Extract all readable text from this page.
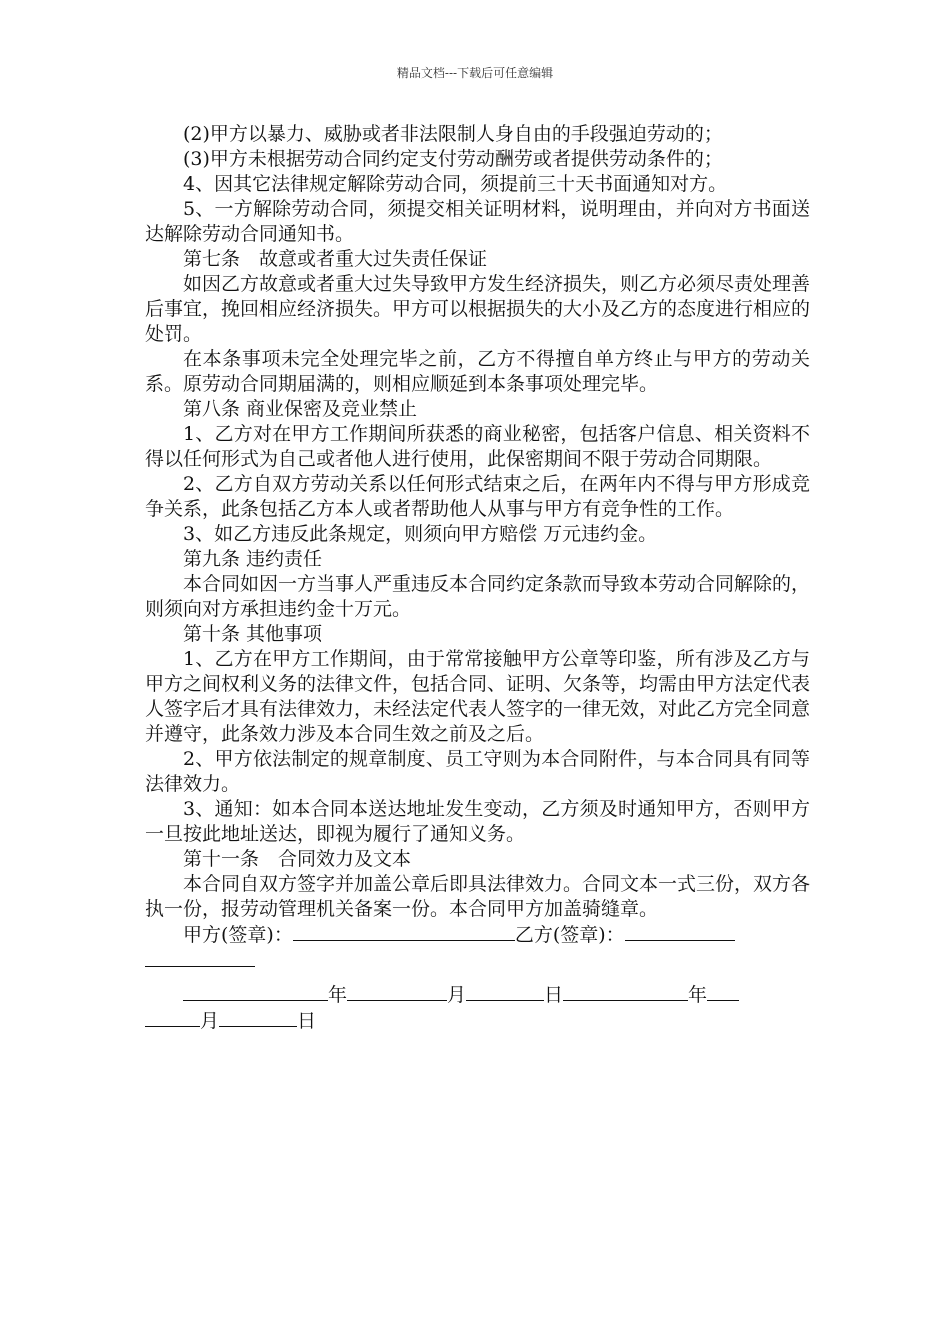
精品文档---下载后可任意编辑

(2)甲方以暴力、威胁或者非法限制人身自由的手段强迫劳动的；

(3)甲方未根据劳动合同约定支付劳动酬劳或者提供劳动条件的；

4、因其它法律规定解除劳动合同，须提前三十天书面通知对方。

5、一方解除劳动合同，须提交相关证明材料，说明理由，并向对方书面送达解除劳动合同通知书。

第七条　故意或者重大过失责任保证

如因乙方故意或者重大过失导致甲方发生经济损失，则乙方必须尽责处理善后事宜，挽回相应经济损失。甲方可以根据损失的大小及乙方的态度进行相应的处罚。

在本条事项未完全处理完毕之前，乙方不得擅自单方终止与甲方的劳动关系。原劳动合同期届满的，则相应顺延到本条事项处理完毕。

第八条 商业保密及竞业禁止

1、乙方对在甲方工作期间所获悉的商业秘密，包括客户信息、相关资料不得以任何形式为自己或者他人进行使用，此保密期间不限于劳动合同期限。

2、乙方自双方劳动关系以任何形式结束之后，在两年内不得与甲方形成竞争关系，此条包括乙方本人或者帮助他人从事与甲方有竞争性的工作。

3、如乙方违反此条规定，则须向甲方赔偿 万元违约金。

第九条 违约责任

本合同如因一方当事人严重违反本合同约定条款而导致本劳动合同解除的，则须向对方承担违约金十万元。

第十条 其他事项

1、乙方在甲方工作期间，由于常常接触甲方公章等印鉴，所有涉及乙方与甲方之间权利义务的法律文件，包括合同、证明、欠条等，均需由甲方法定代表人签字后才具有法律效力，未经法定代表人签字的一律无效，对此乙方完全同意并遵守，此条效力涉及本合同生效之前及之后。

2、甲方依法制定的规章制度、员工守则为本合同附件，与本合同具有同等法律效力。

3、通知：如本合同本送达地址发生变动，乙方须及时通知甲方，否则甲方一旦按此地址送达，即视为履行了通知义务。

第十一条　合同效力及文本

本合同自双方签字并加盖公章后即具法律效力。合同文本一式三份，双方各执一份，报劳动管理机关备案一份。本合同甲方加盖骑缝章。

甲方(签章)：	乙方(签章)：

年	月	日	年

月	日
